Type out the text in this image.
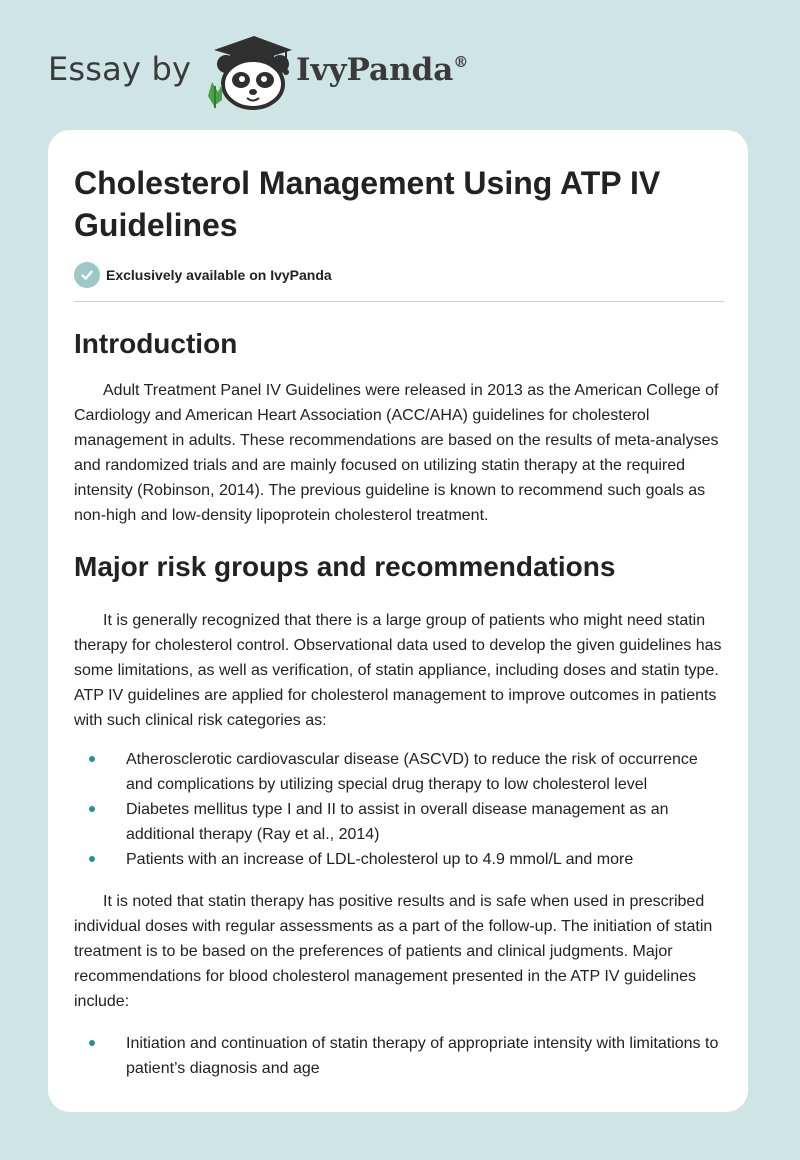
Essay by	IvyPanda®
Cholesterol Management Using ATP IV Guidelines
Exclusively available on IvyPanda
Introduction

Adult Treatment Panel IV Guidelines were released in 2013 as the American College of Cardiology and American Heart Association (ACC/AHA) guidelines for cholesterol management in adults. These recommendations are based on the results of meta-analyses and randomized trials and are mainly focused on utilizing statin therapy at the required intensity (Robinson, 2014). The previous guideline is known to recommend such goals as non-high and low-density lipoprotein cholesterol treatment.

Major risk groups and recommendations

It is generally recognized that there is a large group of patients who might need statin therapy for cholesterol control. Observational data used to develop the given guidelines has some limitations, as well as verification, of statin appliance, including doses and statin type. ATP IV guidelines are applied for cholesterol management to improve outcomes in patients with such clinical risk categories as:

Atherosclerotic cardiovascular disease (ASCVD) to reduce the risk of occurrence and complications by utilizing special drug therapy to low cholesterol level
Diabetes mellitus type I and II to assist in overall disease management as an additional therapy (Ray et al., 2014)
Patients with an increase of LDL-cholesterol up to 4.9 mmol/L and more

It is noted that statin therapy has positive results and is safe when used in prescribed individual doses with regular assessments as a part of the follow-up. The initiation of statin treatment is to be based on the preferences of patients and clinical judgments. Major recommendations for blood cholesterol management presented in the ATP IV guidelines include:

Initiation and continuation of statin therapy of appropriate intensity with limitations to patient’s diagnosis and age
